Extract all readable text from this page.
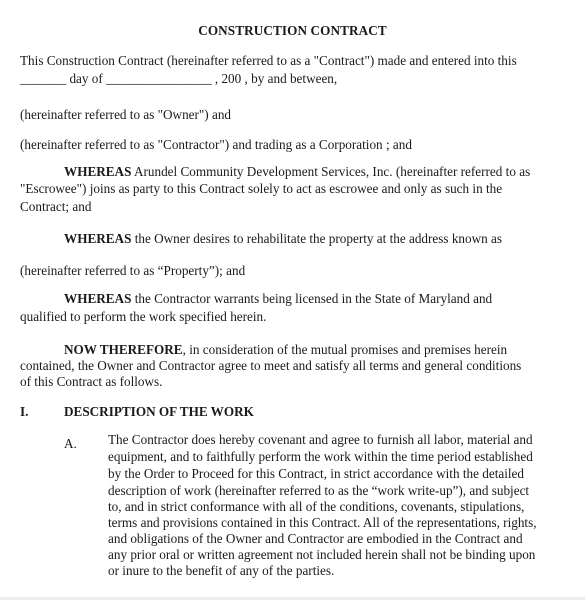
CONSTRUCTION CONTRACT
This Construction Contract (hereinafter referred to as a "Contract") made and entered into this
_______ day of ________________ , 200 , by and between,
(hereinafter referred to as "Owner") and
(hereinafter referred to as "Contractor") and trading as a Corporation ; and
WHEREAS Arundel Community Development Services, Inc. (hereinafter referred to as
"Escrowee") joins as party to this Contract solely to act as escrowee and only as such in the
Contract; and
WHEREAS the Owner desires to rehabilitate the property at the address known as
(hereinafter referred to as “Property”); and
WHEREAS the Contractor warrants being licensed in the State of Maryland and
qualified to perform the work specified herein.
NOW THEREFORE, in consideration of the mutual promises and premises herein
contained, the Owner and Contractor agree to meet and satisfy all terms and general conditions
of this Contract as follows.
I.	DESCRIPTION OF THE WORK
A. The Contractor does hereby covenant and agree to furnish all labor, material and
equipment, and to faithfully perform the work within the time period established
by the Order to Proceed for this Contract, in strict accordance with the detailed
description of work (hereinafter referred to as the “work write-up”), and subject
to, and in strict conformance with all of the conditions, covenants, stipulations,
terms and provisions contained in this Contract. All of the representations, rights,
and obligations of the Owner and Contractor are embodied in the Contract and
any prior oral or written agreement not included herein shall not be binding upon
or inure to the benefit of any of the parties.
